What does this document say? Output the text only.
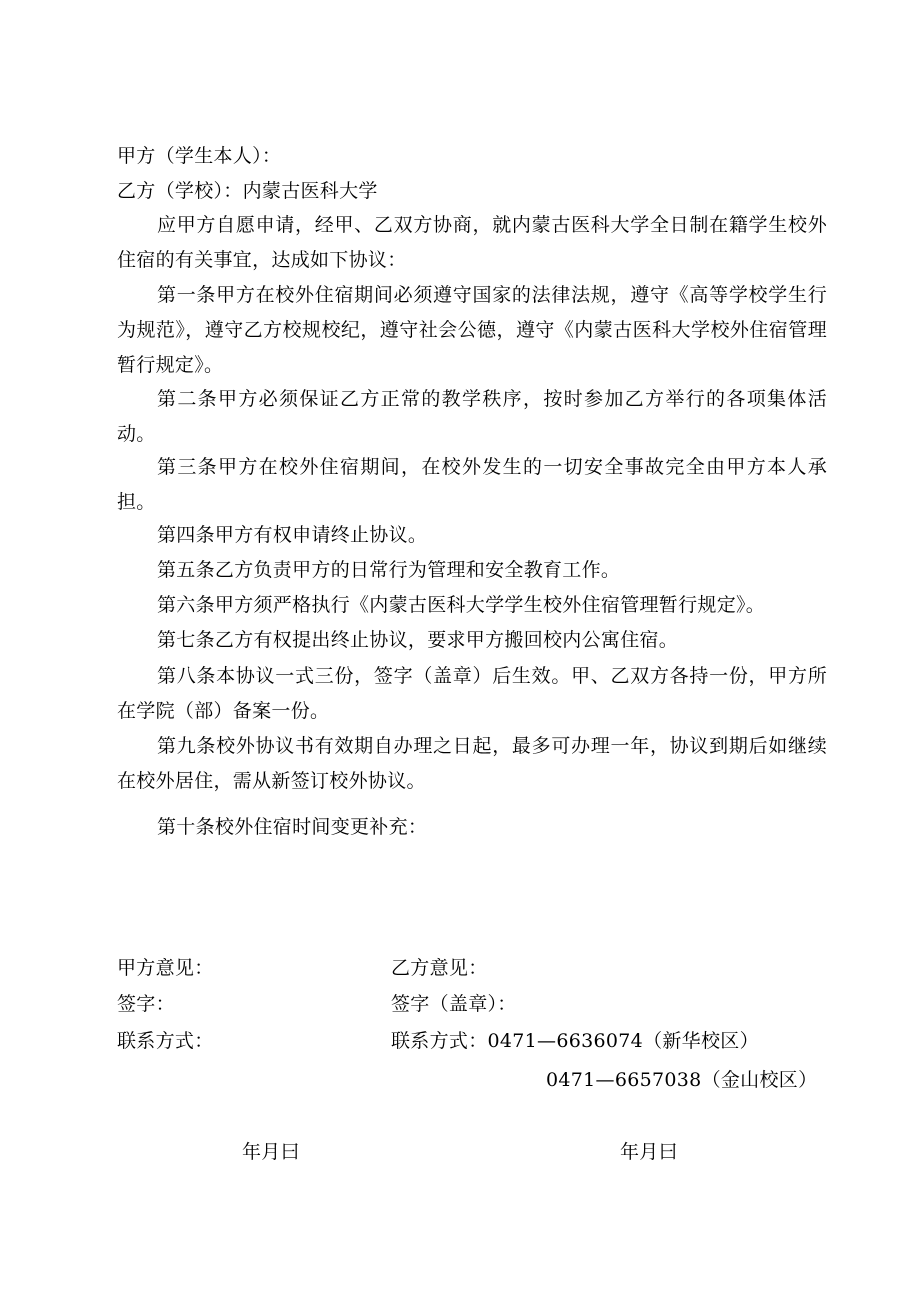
甲方（学生本人）：
乙方（学校）：内蒙古医科大学
应甲方自愿申请，经甲、乙双方协商，就内蒙古医科大学全日制在籍学生校外住宿的有关事宜，达成如下协议：
第一条甲方在校外住宿期间必须遵守国家的法律法规，遵守《高等学校学生行为规范》，遵守乙方校规校纪，遵守社会公德，遵守《内蒙古医科大学校外住宿管理暂行规定》。
第二条甲方必须保证乙方正常的教学秩序，按时参加乙方举行的各项集体活动。
第三条甲方在校外住宿期间，在校外发生的一切安全事故完全由甲方本人承担。
第四条甲方有权申请终止协议。
第五条乙方负责甲方的日常行为管理和安全教育工作。
第六条甲方须严格执行《内蒙古医科大学学生校外住宿管理暂行规定》。
第七条乙方有权提出终止协议，要求甲方搬回校内公寓住宿。
第八条本协议一式三份，签字（盖章）后生效。甲、乙双方各持一份，甲方所在学院（部）备案一份。
第九条校外协议书有效期自办理之日起，最多可办理一年，协议到期后如继续在校外居住，需从新签订校外协议。
第十条校外住宿时间变更补充：
甲方意见：
签字：
联系方式：
乙方意见：
签字（盖章）：
联系方式：0471—6636074（新华校区）
0471—6657038（金山校区）
年月曰	年月曰
